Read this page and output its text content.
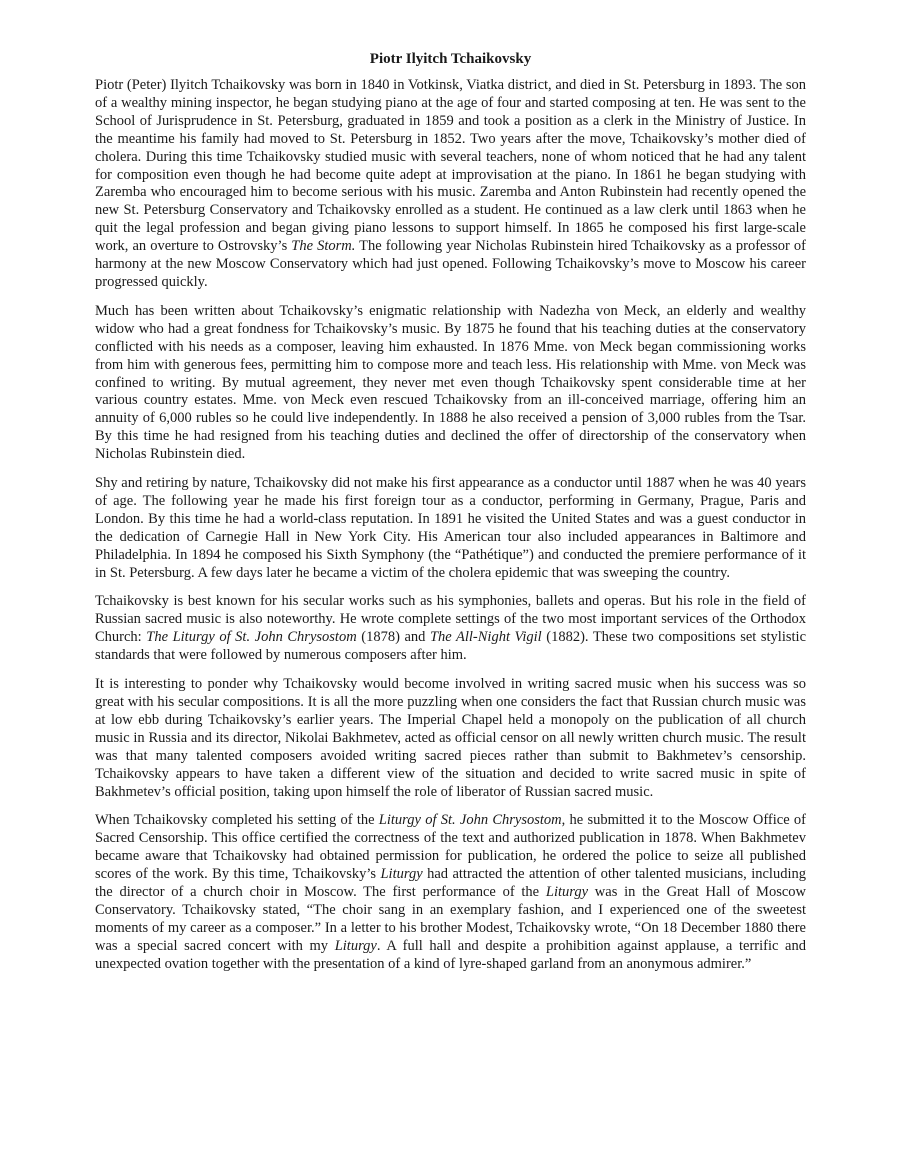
Piotr Ilyitch Tchaikovsky

Piotr (Peter) Ilyitch Tchaikovsky was born in 1840 in Votkinsk, Viatka district, and died in St. Petersburg in 1893. The son of a wealthy mining inspector, he began studying piano at the age of four and started composing at ten. He was sent to the School of Jurisprudence in St. Petersburg, graduated in 1859 and took a position as a clerk in the Ministry of Justice. In the meantime his family had moved to St. Petersburg in 1852. Two years after the move, Tchaikovsky’s mother died of cholera. During this time Tchaikovsky studied music with several teachers, none of whom noticed that he had any talent for composition even though he had become quite adept at improvisation at the piano. In 1861 he began studying with Zaremba who encouraged him to become serious with his music. Zaremba and Anton Rubinstein had recently opened the new St. Petersburg Conservatory and Tchaikovsky enrolled as a student. He continued as a law clerk until 1863 when he quit the legal profession and began giving piano lessons to support himself. In 1865 he composed his first large-scale work, an overture to Ostrovsky’s The Storm. The following year Nicholas Rubinstein hired Tchaikovsky as a professor of harmony at the new Moscow Conservatory which had just opened. Following Tchaikovsky’s move to Moscow his career progressed quickly.

Much has been written about Tchaikovsky’s enigmatic relationship with Nadezha von Meck, an elderly and wealthy widow who had a great fondness for Tchaikovsky’s music. By 1875 he found that his teaching duties at the conservatory conflicted with his needs as a composer, leaving him exhausted. In 1876 Mme. von Meck began commissioning works from him with generous fees, permitting him to compose more and teach less. His relationship with Mme. von Meck was confined to writing. By mutual agreement, they never met even though Tchaikovsky spent considerable time at her various country estates. Mme. von Meck even rescued Tchaikovsky from an ill-conceived marriage, offering him an annuity of 6,000 rubles so he could live independently. In 1888 he also received a pension of 3,000 rubles from the Tsar. By this time he had resigned from his teaching duties and declined the offer of directorship of the conservatory when Nicholas Rubinstein died.

Shy and retiring by nature, Tchaikovsky did not make his first appearance as a conductor until 1887 when he was 40 years of age. The following year he made his first foreign tour as a conductor, performing in Germany, Prague, Paris and London. By this time he had a world-class reputation. In 1891 he visited the United States and was a guest conductor in the dedication of Carnegie Hall in New York City. His American tour also included appearances in Baltimore and Philadelphia. In 1894 he composed his Sixth Symphony (the “Pathétique”) and conducted the premiere performance of it in St. Petersburg. A few days later he became a victim of the cholera epidemic that was sweeping the country.

Tchaikovsky is best known for his secular works such as his symphonies, ballets and operas. But his role in the field of Russian sacred music is also noteworthy. He wrote complete settings of the two most important services of the Orthodox Church: The Liturgy of St. John Chrysostom (1878) and The All-Night Vigil (1882). These two compositions set stylistic standards that were followed by numerous composers after him.

It is interesting to ponder why Tchaikovsky would become involved in writing sacred music when his success was so great with his secular compositions. It is all the more puzzling when one considers the fact that Russian church music was at low ebb during Tchaikovsky’s earlier years. The Imperial Chapel held a monopoly on the publication of all church music in Russia and its director, Nikolai Bakhmetev, acted as official censor on all newly written church music. The result was that many talented composers avoided writing sacred pieces rather than submit to Bakhmetev’s censorship. Tchaikovsky appears to have taken a different view of the situation and decided to write sacred music in spite of Bakhmetev’s official position, taking upon himself the role of liberator of Russian sacred music.

When Tchaikovsky completed his setting of the Liturgy of St. John Chrysostom, he submitted it to the Moscow Office of Sacred Censorship. This office certified the correctness of the text and authorized publication in 1878. When Bakhmetev became aware that Tchaikovsky had obtained permission for publication, he ordered the police to seize all published scores of the work. By this time, Tchaikovsky’s Liturgy had attracted the attention of other talented musicians, including the director of a church choir in Moscow. The first performance of the Liturgy was in the Great Hall of Moscow Conservatory. Tchaikovsky stated, “The choir sang in an exemplary fashion, and I experienced one of the sweetest moments of my career as a composer.” In a letter to his brother Modest, Tchaikovsky wrote, “On 18 December 1880 there was a special sacred concert with my Liturgy. A full hall and despite a prohibition against applause, a terrific and unexpected ovation together with the presentation of a kind of lyre-shaped garland from an anonymous admirer.”
